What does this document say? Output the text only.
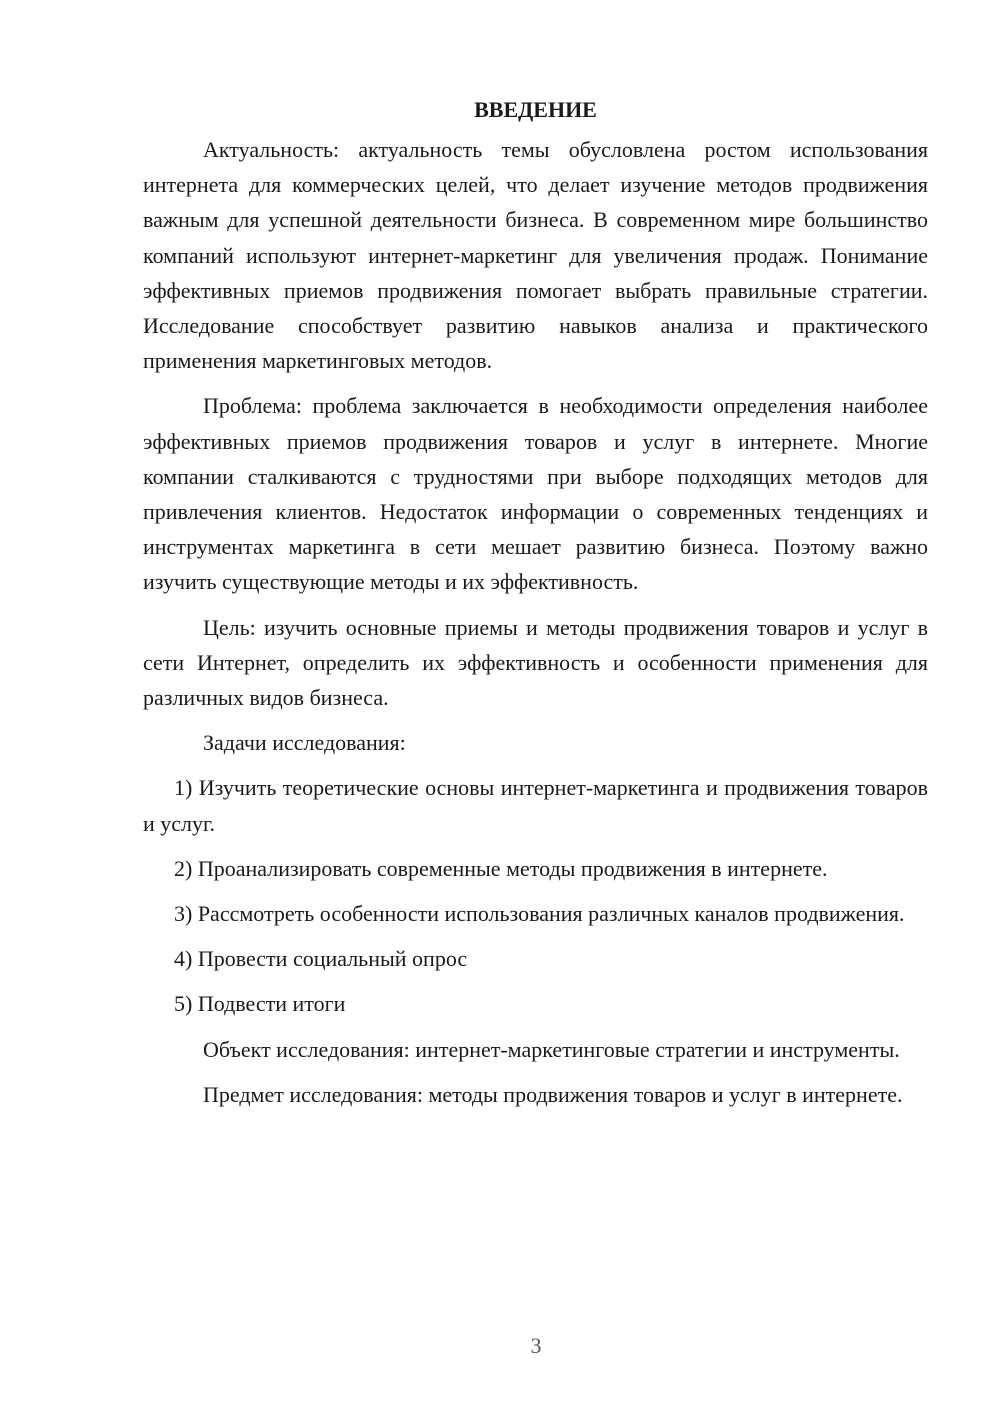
ВВЕДЕНИЕ

Актуальность: актуальность темы обусловлена ростом использования интернета для коммерческих целей, что делает изучение методов продвижения важным для успешной деятельности бизнеса. В современном мире большинство компаний используют интернет-маркетинг для увеличения продаж. Понимание эффективных приемов продвижения помогает выбрать правильные стратегии. Исследование способствует развитию навыков анализа и практического применения маркетинговых методов.

Проблема: проблема заключается в необходимости определения наиболее эффективных приемов продвижения товаров и услуг в интернете. Многие компании сталкиваются с трудностями при выборе подходящих методов для привлечения клиентов. Недостаток информации о современных тенденциях и инструментах маркетинга в сети мешает развитию бизнеса. Поэтому важно изучить существующие методы и их эффективность.

Цель: изучить основные приемы и методы продвижения товаров и услуг в сети Интернет, определить их эффективность и особенности применения для различных видов бизнеса.

Задачи исследования:

1) Изучить теоретические основы интернет-маркетинга и продвижения товаров и услуг.

2) Проанализировать современные методы продвижения в интернете.

3) Рассмотреть особенности использования различных каналов продвижения.

4) Провести социальный опрос

5) Подвести итоги

Объект исследования: интернет-маркетинговые стратегии и инструменты.

Предмет исследования: методы продвижения товаров и услуг в интернете.

3
